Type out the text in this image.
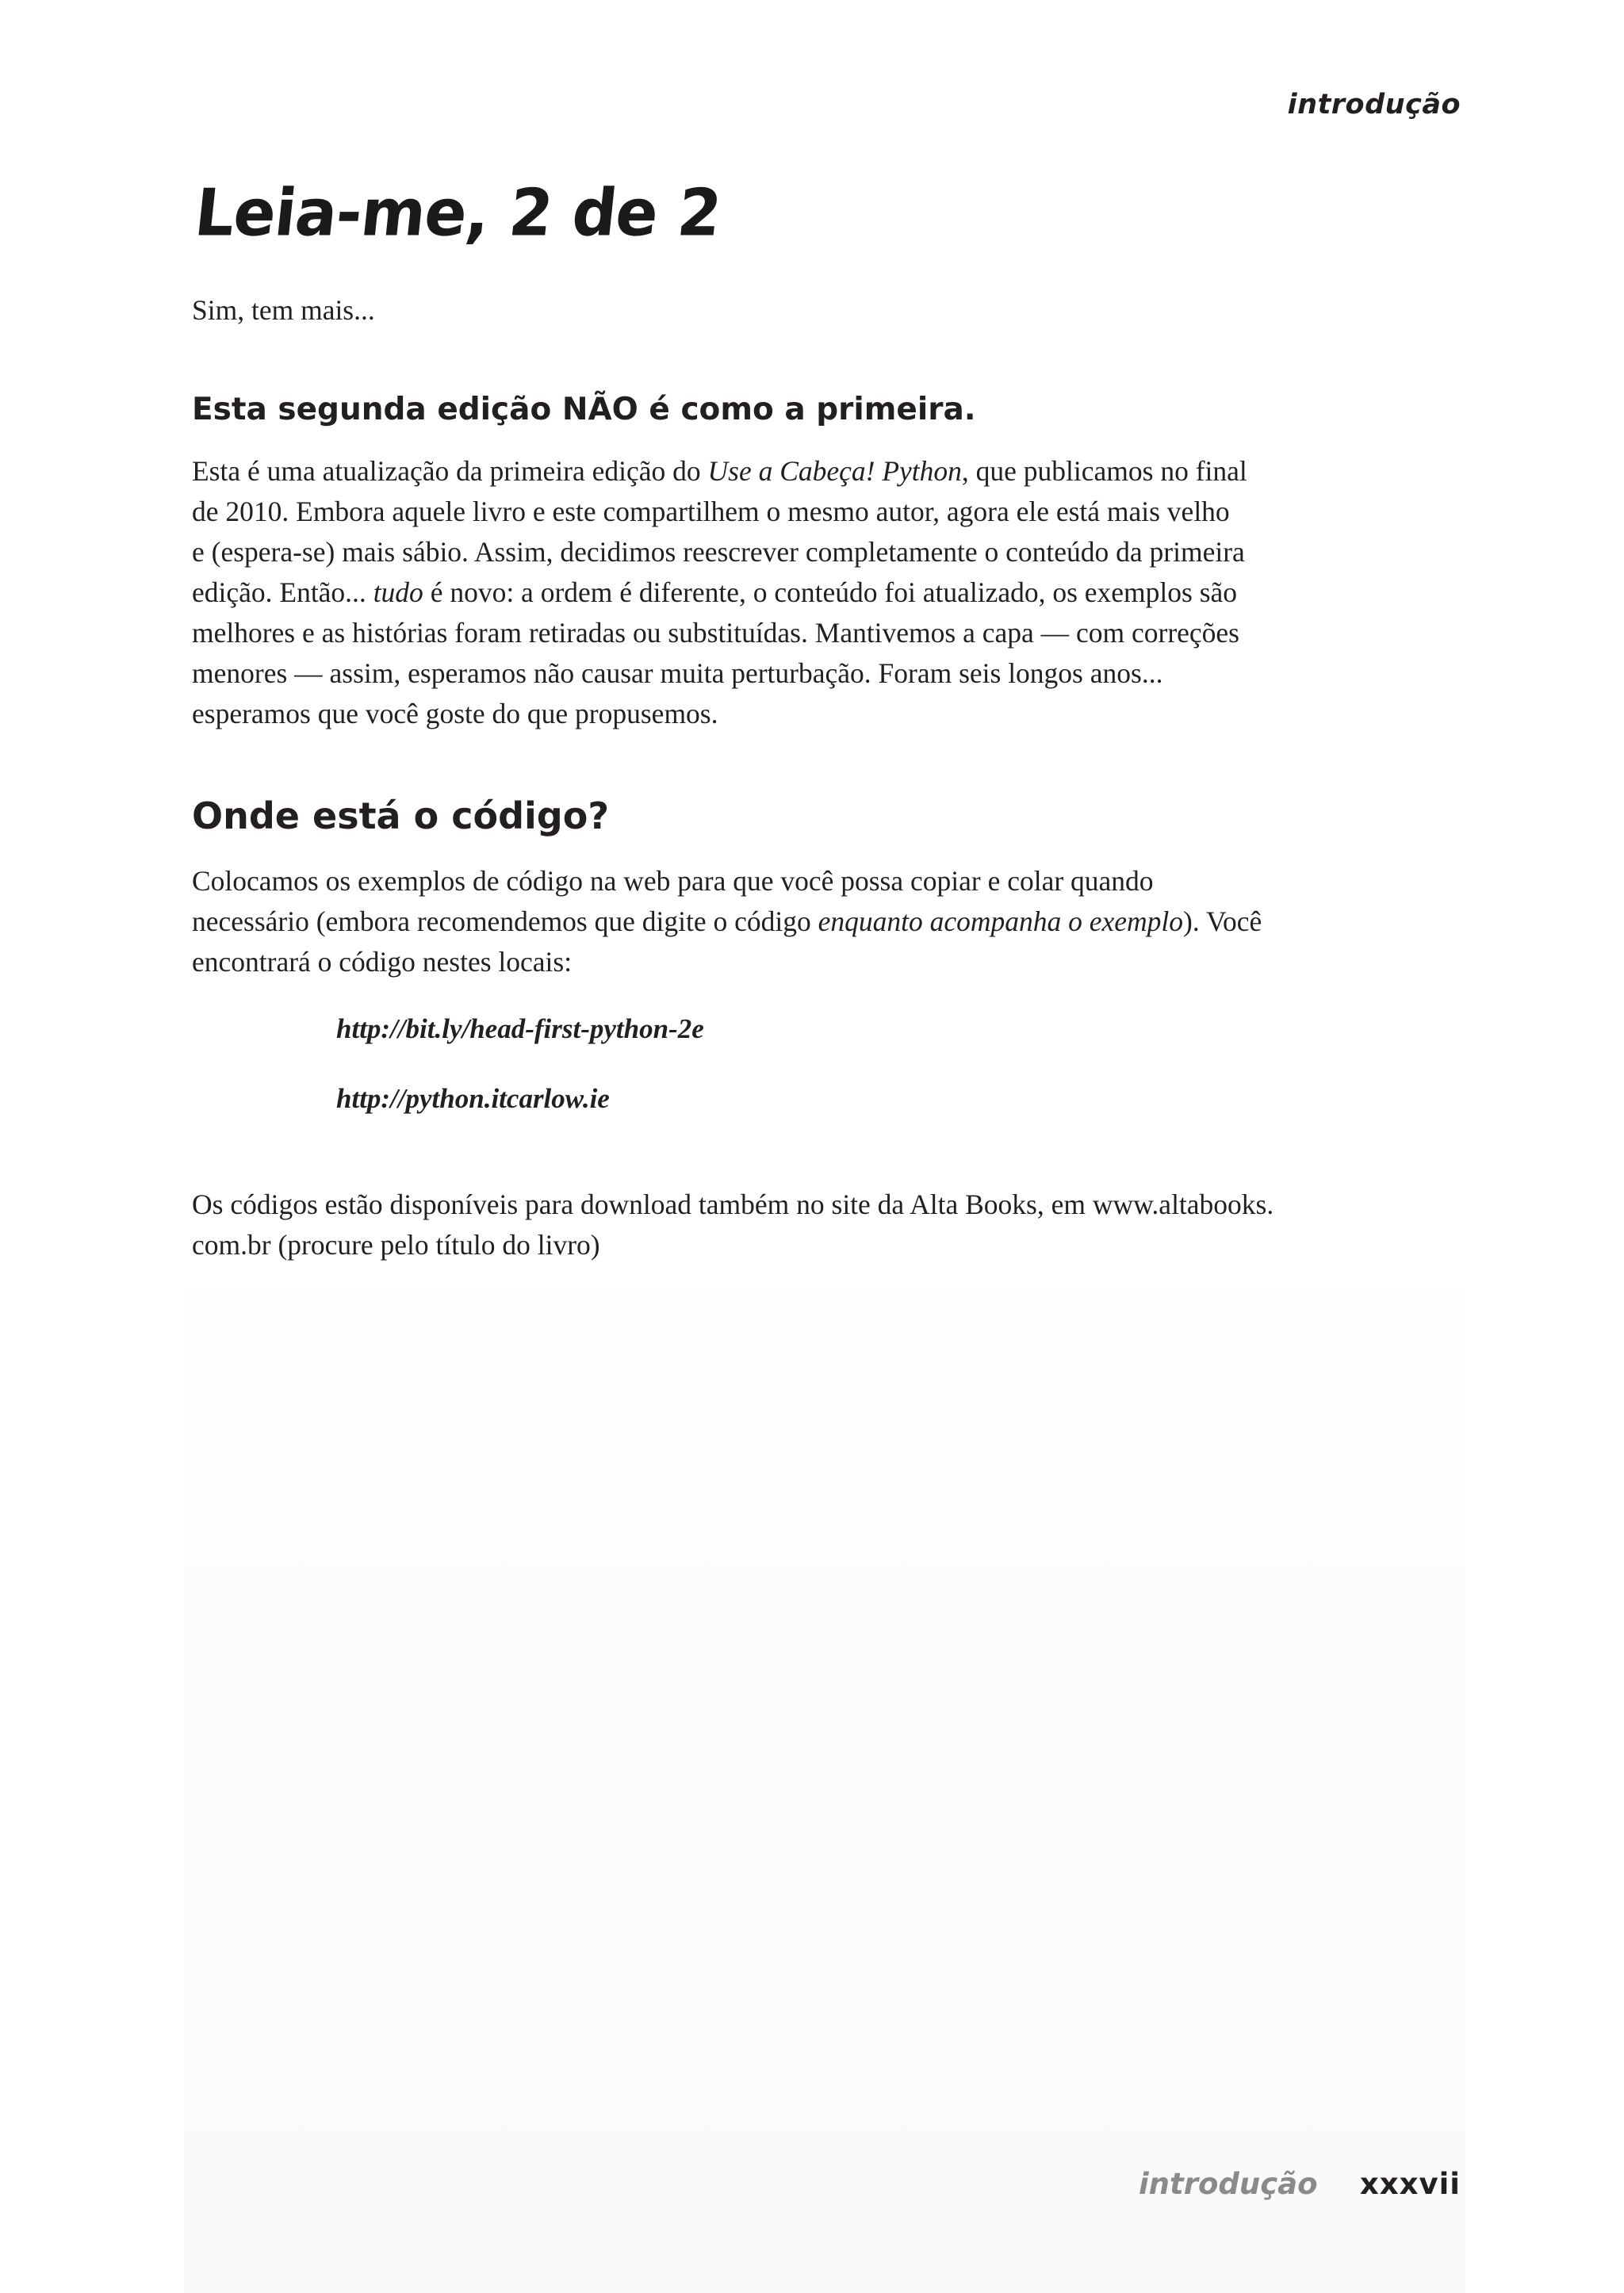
introdução
Leia-me, 2 de 2

Sim, tem mais...

Esta segunda edição NÃO é como a primeira.

Esta é uma atualização da primeira edição do Use a Cabeça! Python, que publicamos no final
de 2010. Embora aquele livro e este compartilhem o mesmo autor, agora ele está mais velho
e (espera-se) mais sábio. Assim, decidimos reescrever completamente o conteúdo da primeira
edição. Então... tudo é novo: a ordem é diferente, o conteúdo foi atualizado, os exemplos são
melhores e as histórias foram retiradas ou substituídas. Mantivemos a capa — com correções
menores — assim, esperamos não causar muita perturbação. Foram seis longos anos...
esperamos que você goste do que propusemos.

Onde está o código?

Colocamos os exemplos de código na web para que você possa copiar e colar quando
necessário (embora recomendemos que digite o código enquanto acompanha o exemplo). Você
encontrará o código nestes locais:

http://bit.ly/head-first-python-2e
http://python.itcarlow.ie

Os códigos estão disponíveis para download também no site da Alta Books, em www.altabooks.
com.br (procure pelo título do livro)

introdução xxxvii
